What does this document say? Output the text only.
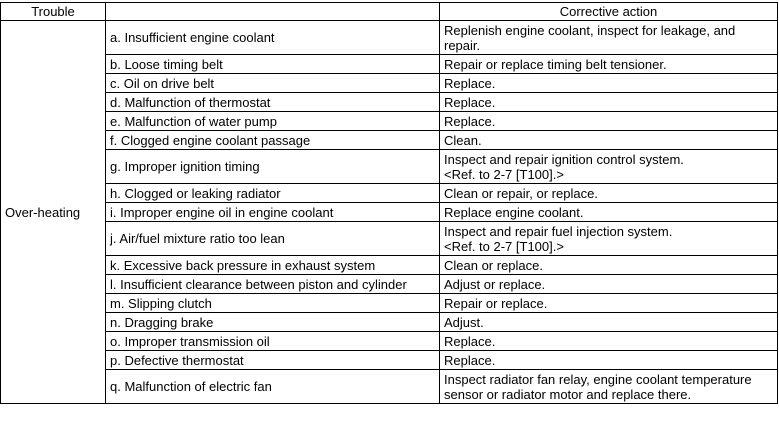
Trouble		Corrective action
Over-heating	a. Insufficient engine coolant	Replenish engine coolant, inspect for leakage, and repair.
	b. Loose timing belt	Repair or replace timing belt tensioner.
	c. Oil on drive belt	Replace.
	d. Malfunction of thermostat	Replace.
	e. Malfunction of water pump	Replace.
	f. Clogged engine coolant passage	Clean.
	g. Improper ignition timing	Inspect and repair ignition control system.
<Ref. to 2-7 [T100].>
	h. Clogged or leaking radiator	Clean or repair, or replace.
	i. Improper engine oil in engine coolant	Replace engine coolant.
	j. Air/fuel mixture ratio too lean	Inspect and repair fuel injection system.
<Ref. to 2-7 [T100].>
	k. Excessive back pressure in exhaust system	Clean or replace.
	l. Insufficient clearance between piston and cylinder	Adjust or replace.
	m. Slipping clutch	Repair or replace.
	n. Dragging brake	Adjust.
	o. Improper transmission oil	Replace.
	p. Defective thermostat	Replace.
	q. Malfunction of electric fan	Inspect radiator fan relay, engine coolant temperature sensor or radiator motor and replace there.
